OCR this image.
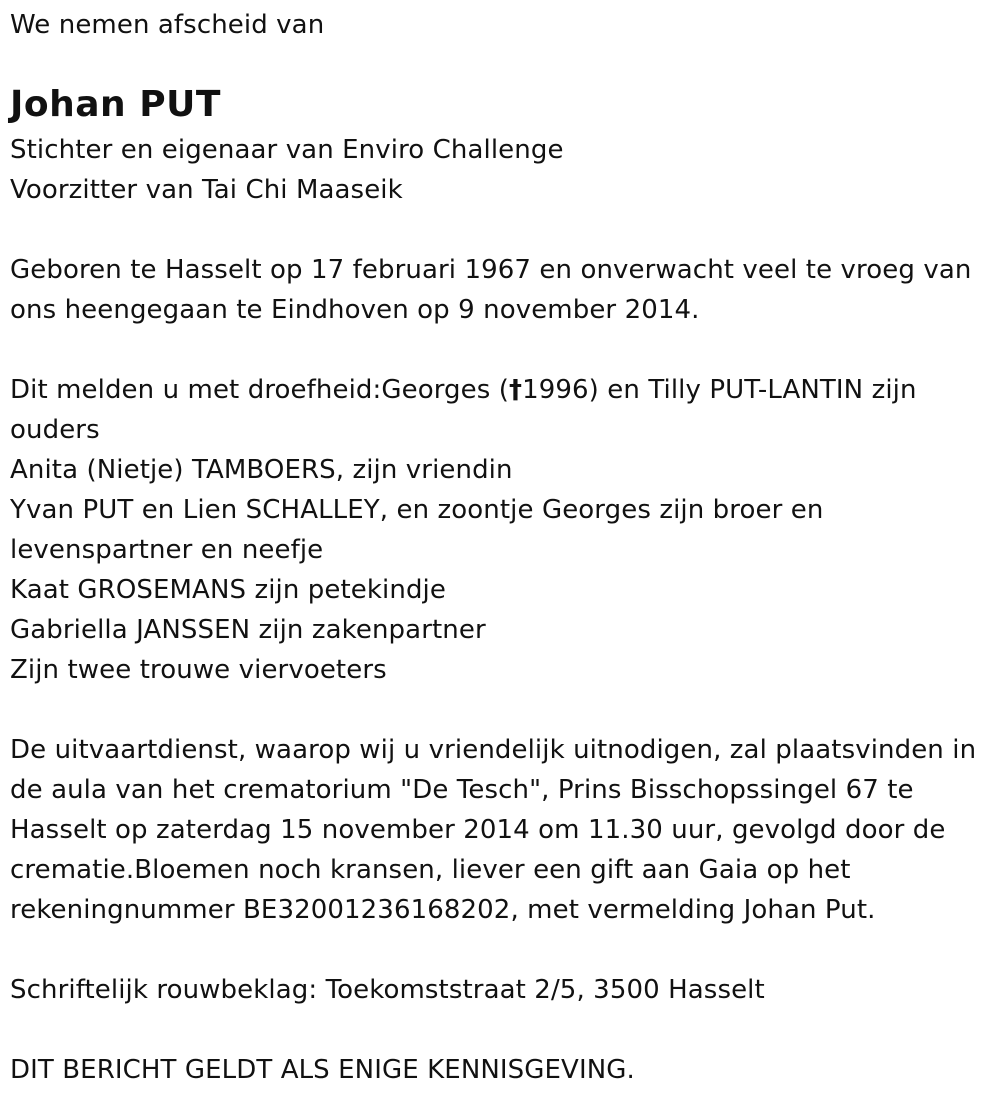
We nemen afscheid van
Johan PUT
Stichter en eigenaar van Enviro Challenge
Voorzitter van Tai Chi Maaseik
Geboren te Hasselt op 17 februari 1967 en onverwacht veel te vroeg van
ons heengegaan te Eindhoven op 9 november 2014.
Dit melden u met droefheid:Georges (†1996) en Tilly PUT-LANTIN zijn
ouders
Anita (Nietje) TAMBOERS, zijn vriendin
Yvan PUT en Lien SCHALLEY, en zoontje Georges zijn broer en
levenspartner en neefje
Kaat GROSEMANS zijn petekindje
Gabriella JANSSEN zijn zakenpartner
Zijn twee trouwe viervoeters
De uitvaartdienst, waarop wij u vriendelijk uitnodigen, zal plaatsvinden in
de aula van het crematorium "De Tesch", Prins Bisschopssingel 67 te
Hasselt op zaterdag 15 november 2014 om 11.30 uur, gevolgd door de
crematie.Bloemen noch kransen, liever een gift aan Gaia op het
rekeningnummer BE32001236168202, met vermelding Johan Put.
Schriftelijk rouwbeklag: Toekomststraat 2/5, 3500 Hasselt
DIT BERICHT GELDT ALS ENIGE KENNISGEVING.
